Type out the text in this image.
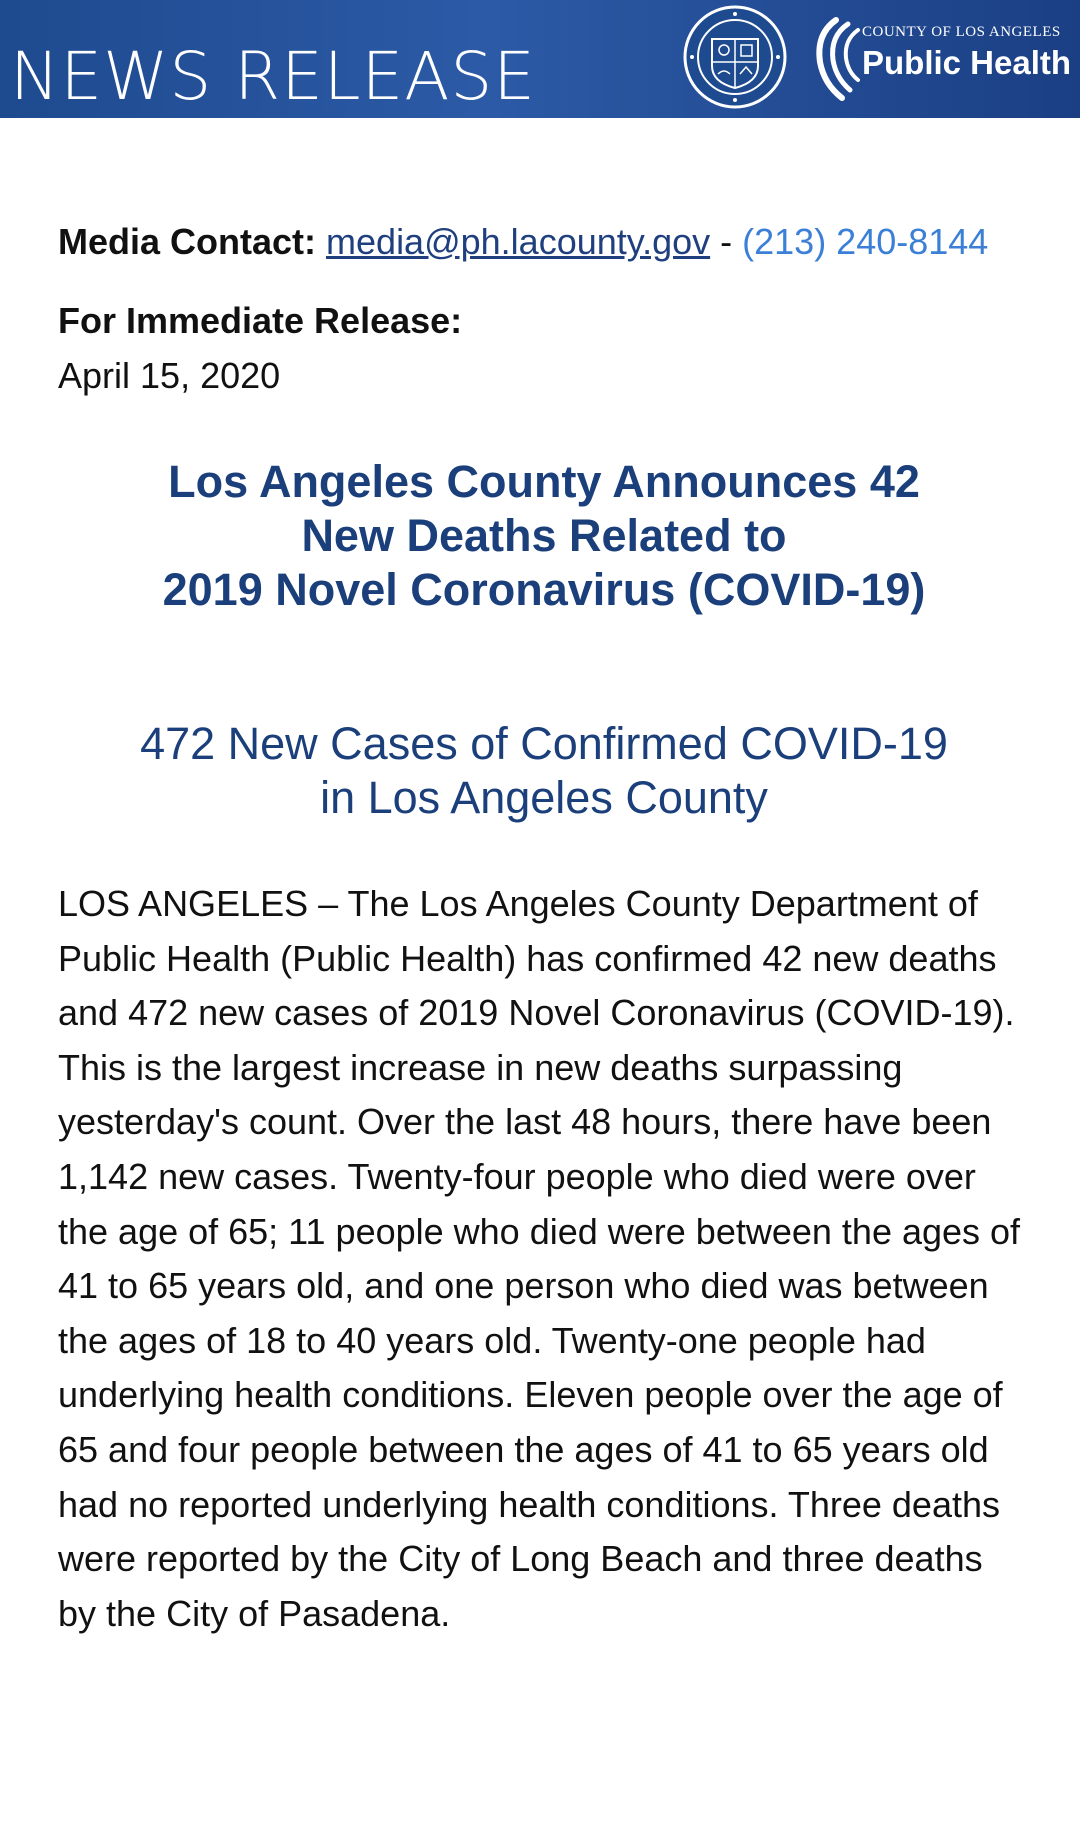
NEWS RELEASE
COUNTY OF LOS ANGELES
Public Health
Media Contact: media@ph.lacounty.gov - (213) 240-8144
For Immediate Release:
April 15, 2020
Los Angeles County Announces 42
New Deaths Related to
2019 Novel Coronavirus (COVID-19)
472 New Cases of Confirmed COVID-19
in Los Angeles County
LOS ANGELES – The Los Angeles County Department of Public Health (Public Health) has confirmed 42 new deaths and 472 new cases of 2019 Novel Coronavirus (COVID-19). This is the largest increase in new deaths surpassing yesterday's count. Over the last 48 hours, there have been 1,142 new cases. Twenty-four people who died were over the age of 65; 11 people who died were between the ages of 41 to 65 years old, and one person who died was between the ages of 18 to 40 years old. Twenty-one people had underlying health conditions. Eleven people over the age of 65 and four people between the ages of 41 to 65 years old had no reported underlying health conditions. Three deaths were reported by the City of Long Beach and three deaths by the City of Pasadena.
